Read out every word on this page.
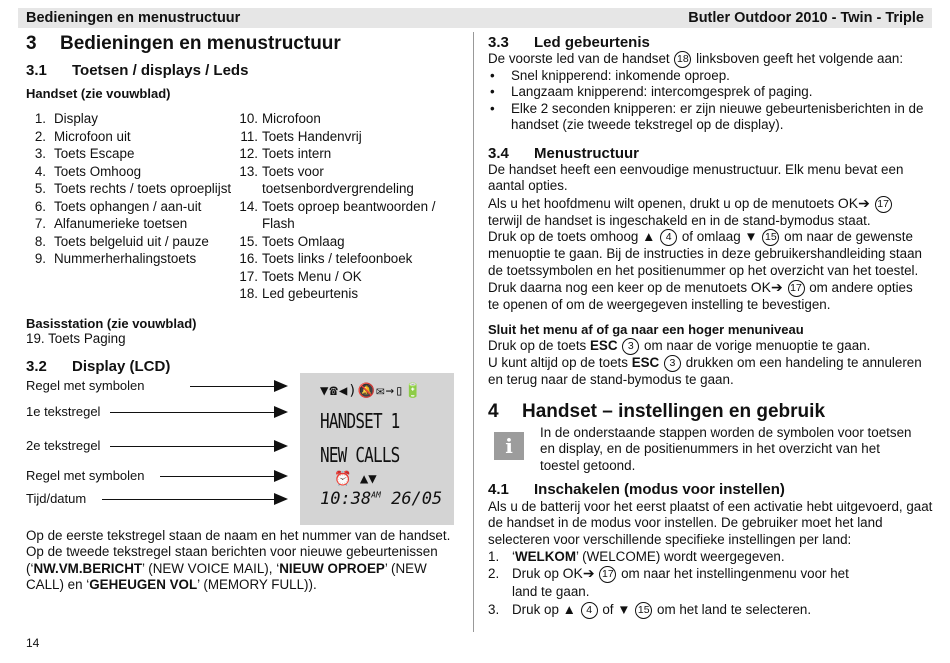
Bedieningen en menustructuur	Butler Outdoor 2010 - Twin - Triple
3 Bedieningen en menustructuur
3.1 Toetsen / displays / Leds
Handset (zie vouwblad)
1. Display
2. Microfoon uit
3. Toets Escape
4. Toets Omhoog
5. Toets rechts / toets oproeplijst
6. Toets ophangen / aan-uit
7. Alfanumerieke toetsen
8. Toets belgeluid uit / pauze
9. Nummerherhalingstoets
10. Microfoon
11. Toets Handenvrij
12. Toets intern
13. Toets voor
toetsenbordvergrendeling
14. Toets oproep beantwoorden /
Flash
15. Toets Omlaag
16. Toets links / telefoonboek
17. Toets Menu / OK
18. Led gebeurtenis
Basisstation (zie vouwblad)
19. Toets Paging
3.2 Display (LCD)
Regel met symbolen
1e tekstregel
2e tekstregel
Regel met symbolen
Tijd/datum
▼☎◀)🔕✉→▯🔋
HANDSET 1
NEW CALLS
⏰ ▲▼
$10:38^{AM}$ 26/05
Op de eerste tekstregel staan de naam en het nummer van de handset.
Op de tweede tekstregel staan berichten voor nieuwe gebeurtenissen
(‘NW.VM.BERICHT’ (NEW VOICE MAIL), ‘NIEUW OPROEP’ (NEW
CALL) en ‘GEHEUGEN VOL’ (MEMORY FULL)).
14
3.3 Led gebeurtenis
De voorste led van de handset 18 linksboven geeft het volgende aan:
• Snel knipperend: inkomende oproep.
• Langzaam knipperend: intercomgesprek of paging.
• Elke 2 seconden knipperen: er zijn nieuwe gebeurtenisberichten in de
handset (zie tweede tekstregel op de display).
3.4 Menustructuur
De handset heeft een eenvoudige menustructuur. Elk menu bevat een
aantal opties.
Als u het hoofdmenu wilt openen, drukt u op de menutoets OK➔ 17
terwijl de handset is ingeschakeld en in de stand-bymodus staat.
Druk op de toets omhoog ▲ 4 of omlaag ▼ 15 om naar de gewenste
menuoptie te gaan. Bij de instructies in deze gebruikershandleiding staan
de toetssymbolen en het positienummer op het overzicht van het toestel.
Druk daarna nog een keer op de menutoets OK➔ 17 om andere opties
te openen of om de weergegeven instelling te bevestigen.
Sluit het menu af of ga naar een hoger menuniveau
Druk op de toets ESC 3 om naar de vorige menuoptie te gaan.
U kunt altijd op de toets ESC 3 drukken om een handeling te annuleren
en terug naar de stand-bymodus te gaan.
4 Handset – instellingen en gebruik
i
In de onderstaande stappen worden de symbolen voor toetsen
en display, en de positienummers in het overzicht van het
toestel getoond.
4.1 Inschakelen (modus voor instellen)
Als u de batterij voor het eerst plaatst of een activatie hebt uitgevoerd, gaat
de handset in de modus voor instellen. De gebruiker moet het land
selecteren voor verschillende specifieke instellingen per land:
1. ‘WELKOM’ (WELCOME) wordt weergegeven.
2. Druk op OK➔ 17 om naar het instellingenmenu voor het
land te gaan.
3. Druk op ▲ 4 of ▼ 15 om het land te selecteren.
